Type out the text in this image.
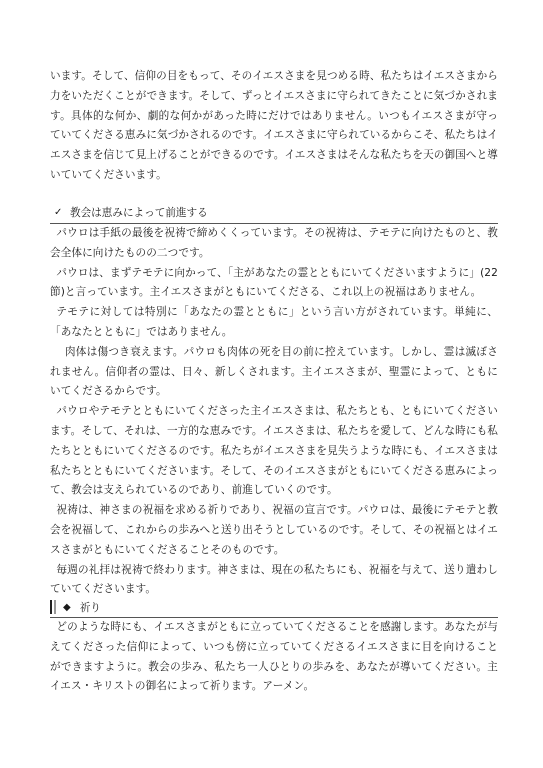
います。そして、信仰の目をもって、そのイエスさまを見つめる時、私たちはイエスさまから力をいただくことができます。そして、ずっとイエスさまに守られてきたことに気づかされます。具体的な何か、劇的な何かがあった時にだけではありません。いつもイエスさまが守っていてくださる恵みに気づかされるのです。イエスさまに守られているからこそ、私たちはイエスさまを信じて見上げることができるのです。イエスさまはそんな私たちを天の御国へと導いていてくださいます。

✓ 教会は恵みによって前進する

パウロは手紙の最後を祝祷で締めくくっています。その祝祷は、テモテに向けたものと、教会全体に向けたものの二つです。

パウロは、まずテモテに向かって、「主があなたの霊とともにいてくださいますように」(22節)と言っています。主イエスさまがともにいてくださる、これ以上の祝福はありません。

テモテに対しては特別に「あなたの霊とともに」という言い方がされています。単純に、「あなたとともに」ではありません。

肉体は傷つき衰えます。パウロも肉体の死を目の前に控えています。しかし、霊は滅ぼされません。信仰者の霊は、日々、新しくされます。主イエスさまが、聖霊によって、ともにいてくださるからです。

パウロやテモテとともにいてくださった主イエスさまは、私たちとも、ともにいてくださいます。そして、それは、一方的な恵みです。イエスさまは、私たちを愛して、どんな時にも私たちとともにいてくださるのです。私たちがイエスさまを見失うような時にも、イエスさまは私たちとともにいてくださいます。そして、そのイエスさまがともにいてくださる恵みによって、教会は支えられているのであり、前進していくのです。

祝祷は、神さまの祝福を求める祈りであり、祝福の宣言です。パウロは、最後にテモテと教会を祝福して、これからの歩みへと送り出そうとしているのです。そして、その祝福とはイエスさまがともにいてくださることそのものです。

毎週の礼拝は祝祷で終わります。神さまは、現在の私たちにも、祝福を与えて、送り遣わしていてくださいます。

◆ 祈り

どのような時にも、イエスさまがともに立っていてくださることを感謝します。あなたが与えてくださった信仰によって、いつも傍に立っていてくださるイエスさまに目を向けることができますように。教会の歩み、私たち一人ひとりの歩みを、あなたが導いてください。主イエス・キリストの御名によって祈ります。アーメン。
